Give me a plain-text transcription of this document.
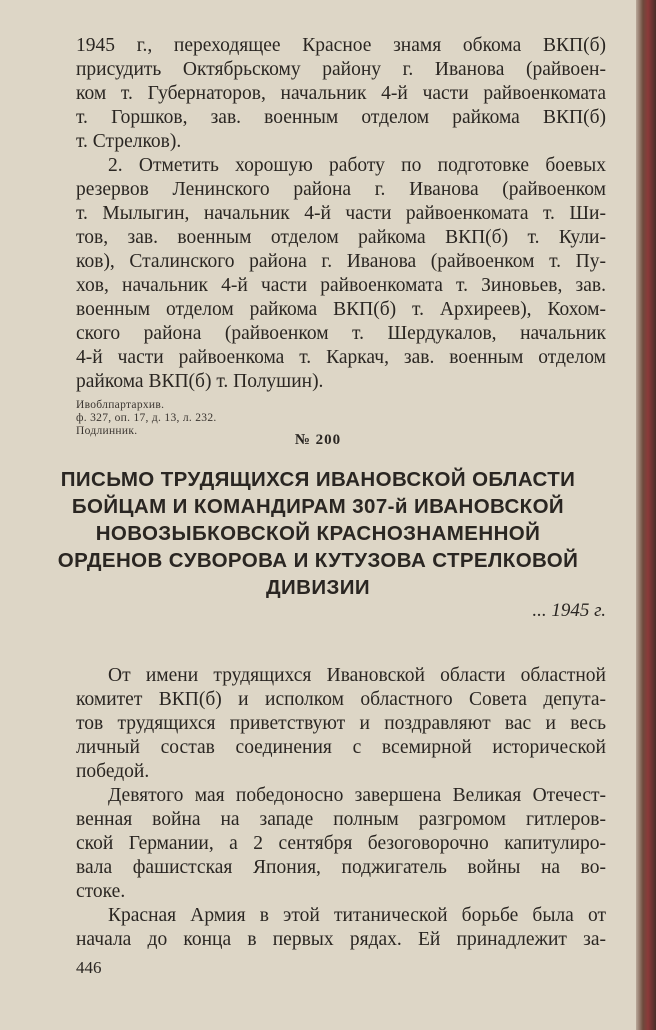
1945 г., переходящее Красное знамя обкома ВКП(б)
присудить Октябрьскому району г. Иванова (райвоен-
ком т. Губернаторов, начальник 4-й части райвоенкомата
т. Горшков, зав. военным отделом райкома ВКП(б)
т. Стрелков).
2. Отметить хорошую работу по подготовке боевых
резервов Ленинского района г. Иванова (райвоенком
т. Мылыгин, начальник 4-й части райвоенкомата т. Ши-
тов, зав. военным отделом райкома ВКП(б) т. Кули-
ков), Сталинского района г. Иванова (райвоенком т. Пу-
хов, начальник 4-й части райвоенкомата т. Зиновьев, зав.
военным отделом райкома ВКП(б) т. Архиреев), Кохом-
ского района (райвоенком т. Шердукалов, начальник
4-й части райвоенкома т. Каркач, зав. военным отделом
райкома ВКП(б) т. Полушин).
Ивоблпартархив.
ф. 327, оп. 17, д. 13, л. 232.
Подлинник.
№ 200
ПИСЬМО ТРУДЯЩИХСЯ ИВАНОВСКОЙ ОБЛАСТИ
БОЙЦАМ И КОМАНДИРАМ 307-й ИВАНОВСКОЙ
НОВОЗЫБКОВСКОЙ КРАСНОЗНАМЕННОЙ
ОРДЕНОВ СУВОРОВА И КУТУЗОВА СТРЕЛКОВОЙ
ДИВИЗИИ
... 1945 г.
От имени трудящихся Ивановской области областной
комитет ВКП(б) и исполком областного Совета депута-
тов трудящихся приветствуют и поздравляют вас и весь
личный состав соединения с всемирной исторической
победой.
Девятого мая победоносно завершена Великая Отечест-
венная война на западе полным разгромом гитлеров-
ской Германии, а 2 сентября безоговорочно капитулиро-
вала фашистская Япония, поджигатель войны на во-
стоке.
Красная Армия в этой титанической борьбе была от
начала до конца в первых рядах. Ей принадлежит за-
446
